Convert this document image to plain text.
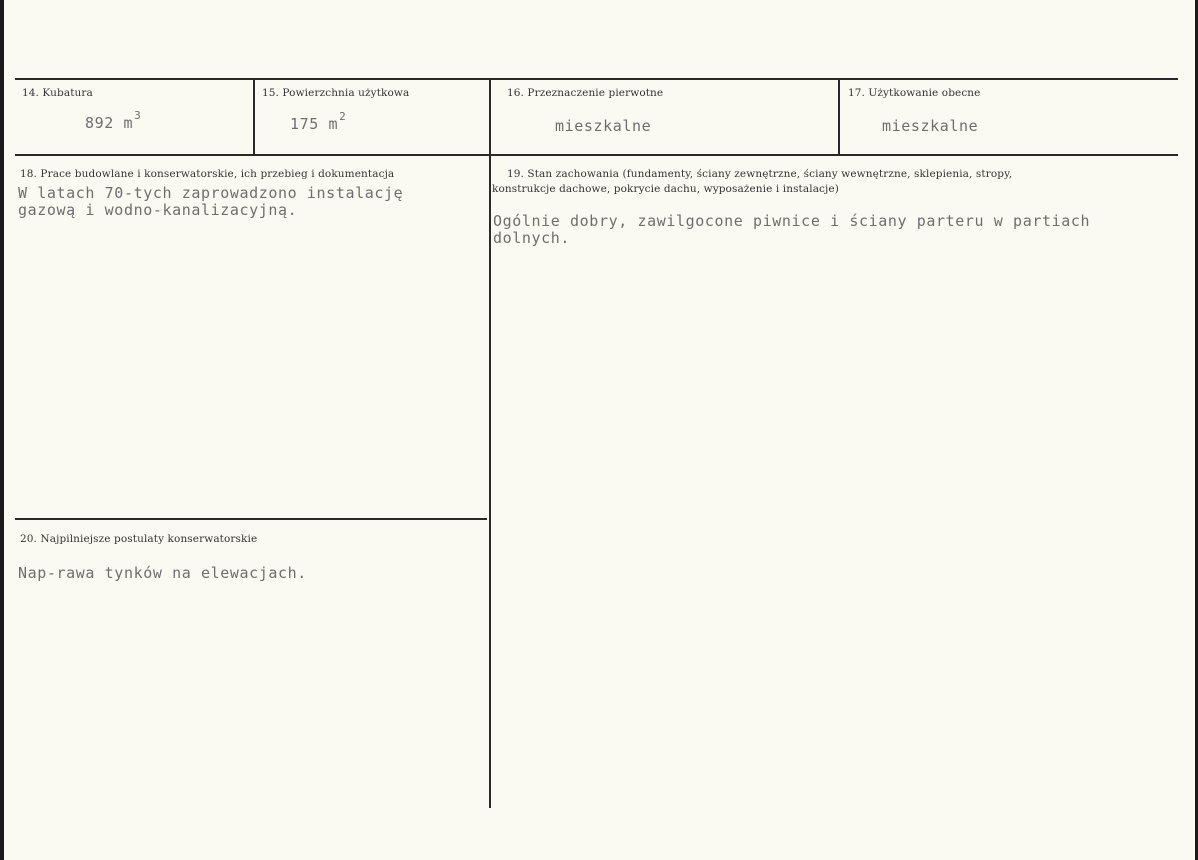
14. Kubatura
892 $m^3$
15. Powierzchnia użytkowa
175 $m^2$
16. Przeznaczenie pierwotne
mieszkalne
17. Użytkowanie obecne
mieszkalne
18. Prace budowlane i konserwatorskie, ich przebieg i dokumentacja
W latach 70-tych zaprowadzono instalację
gazową i wodno-kanalizacyjną.
19. Stan zachowania (fundamenty, ściany zewnętrzne, ściany wewnętrzne, sklepienia, stropy,
konstrukcje dachowe, pokrycie dachu, wyposażenie i instalacje)
Ogólnie dobry, zawilgocone piwnice i ściany parteru w partiach
dolnych.
20. Najpilniejsze postulaty konserwatorskie
Nap-rawa tynków na elewacjach.
